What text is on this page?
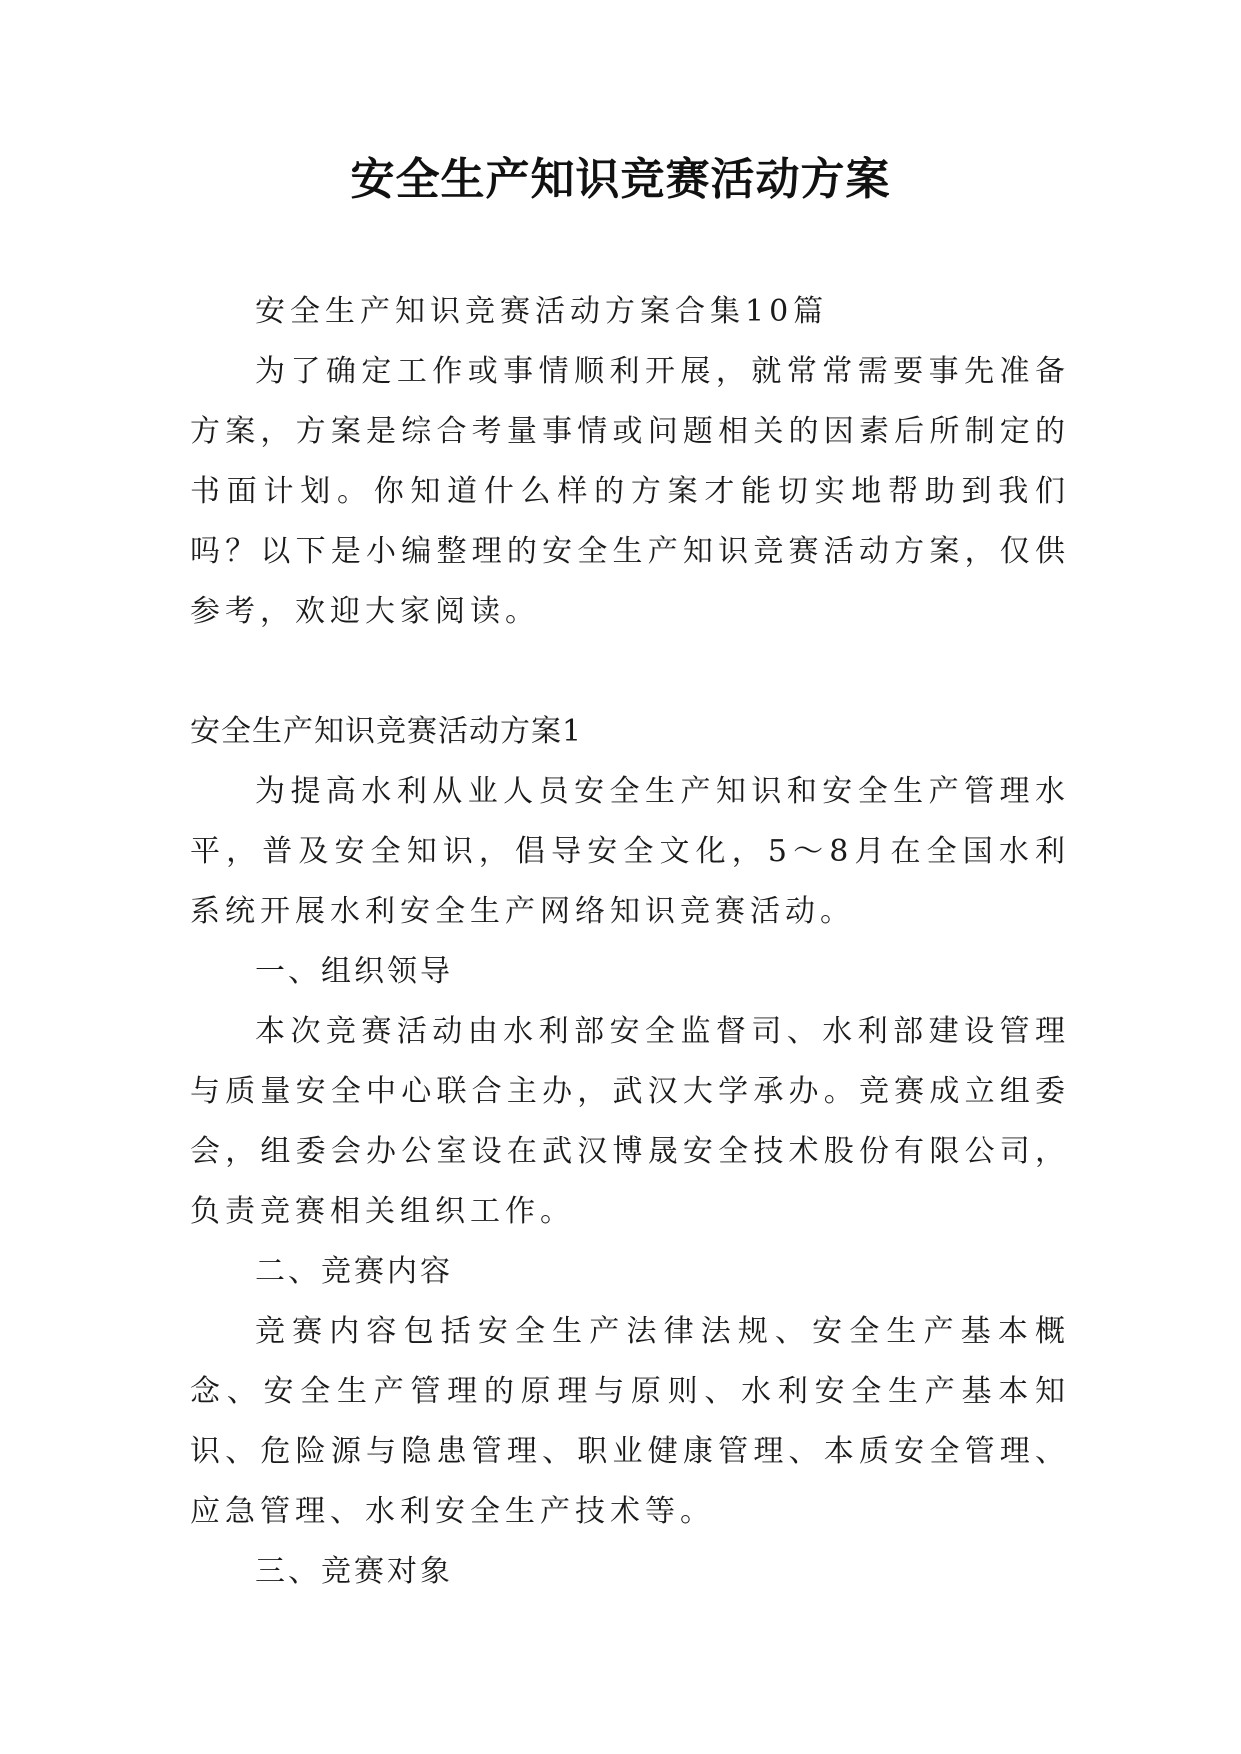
安全生产知识竞赛活动方案

安全生产知识竞赛活动方案合集10篇

为了确定工作或事情顺利开展，就常常需要事先准备方案，方案是综合考量事情或问题相关的因素后所制定的书面计划。你知道什么样的方案才能切实地帮助到我们吗？以下是小编整理的安全生产知识竞赛活动方案，仅供参考，欢迎大家阅读。

安全生产知识竞赛活动方案1

为提高水利从业人员安全生产知识和安全生产管理水平，普及安全知识，倡导安全文化，5～8月在全国水利系统开展水利安全生产网络知识竞赛活动。

一、组织领导

本次竞赛活动由水利部安全监督司、水利部建设管理与质量安全中心联合主办，武汉大学承办。竞赛成立组委会，组委会办公室设在武汉博晟安全技术股份有限公司，负责竞赛相关组织工作。

二、竞赛内容

竞赛内容包括安全生产法律法规、安全生产基本概念、安全生产管理的原理与原则、水利安全生产基本知识、危险源与隐患管理、职业健康管理、本质安全管理、应急管理、水利安全生产技术等。

三、竞赛对象
